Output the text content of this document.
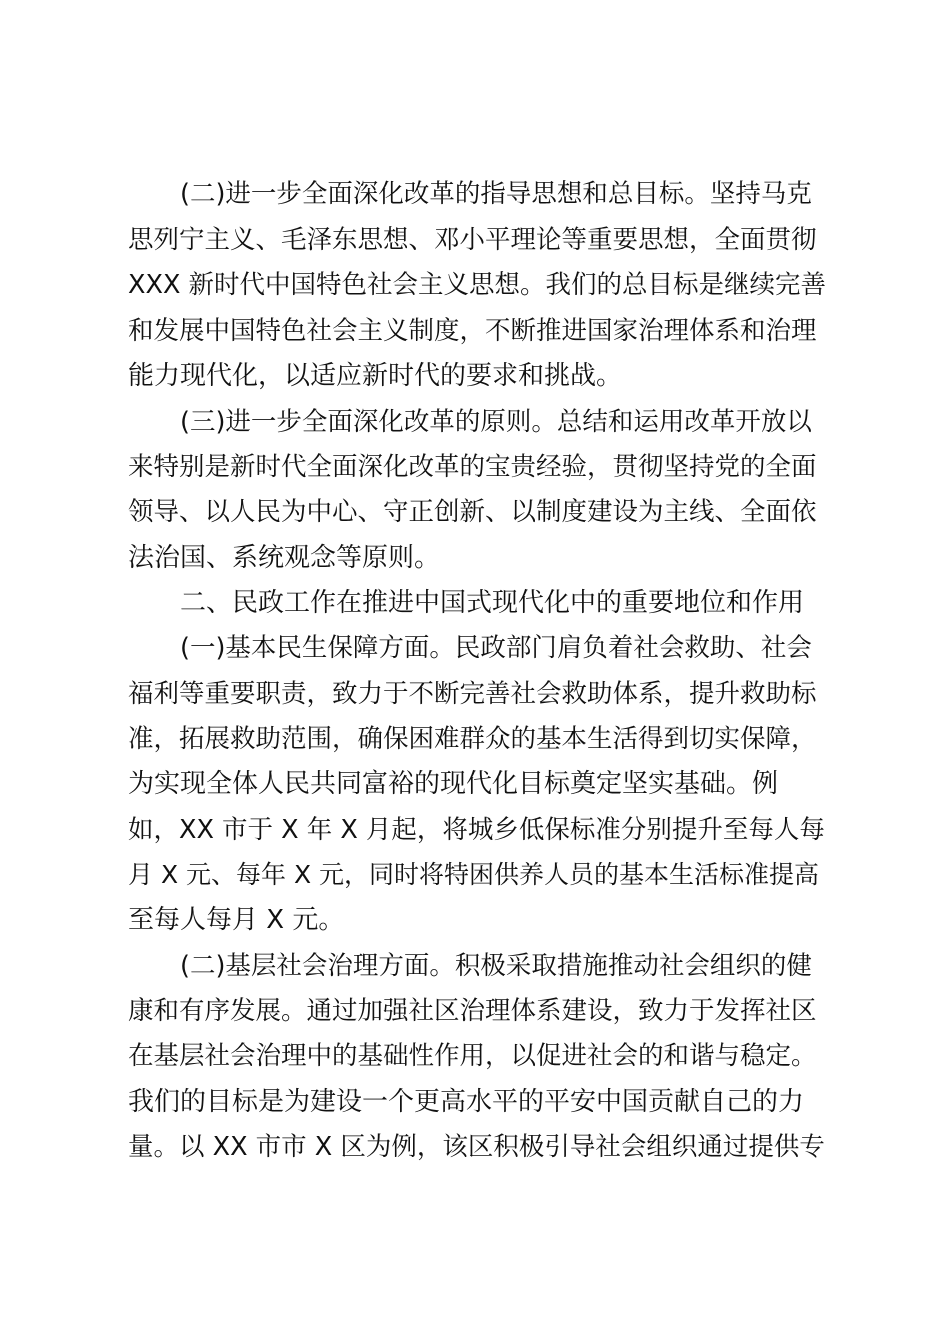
(二)进一步全面深化改革的指导思想和总目标。坚持马克
思列宁主义、毛泽东思想、邓小平理论等重要思想，全面贯彻
XXX 新时代中国特色社会主义思想。我们的总目标是继续完善
和发展中国特色社会主义制度，不断推进国家治理体系和治理
能力现代化，以适应新时代的要求和挑战。
(三)进一步全面深化改革的原则。总结和运用改革开放以
来特别是新时代全面深化改革的宝贵经验，贯彻坚持党的全面
领导、以人民为中心、守正创新、以制度建设为主线、全面依
法治国、系统观念等原则。
二、民政工作在推进中国式现代化中的重要地位和作用
(一)基本民生保障方面。民政部门肩负着社会救助、社会
福利等重要职责，致力于不断完善社会救助体系，提升救助标
准，拓展救助范围，确保困难群众的基本生活得到切实保障，
为实现全体人民共同富裕的现代化目标奠定坚实基础。例
如，XX 市于 X 年 X 月起，将城乡低保标准分别提升至每人每
月 X 元、每年 X 元，同时将特困供养人员的基本生活标准提高
至每人每月 X 元。
(二)基层社会治理方面。积极采取措施推动社会组织的健
康和有序发展。通过加强社区治理体系建设，致力于发挥社区
在基层社会治理中的基础性作用，以促进社会的和谐与稳定。
我们的目标是为建设一个更高水平的平安中国贡献自己的力
量。以 XX 市市 X 区为例，该区积极引导社会组织通过提供专
